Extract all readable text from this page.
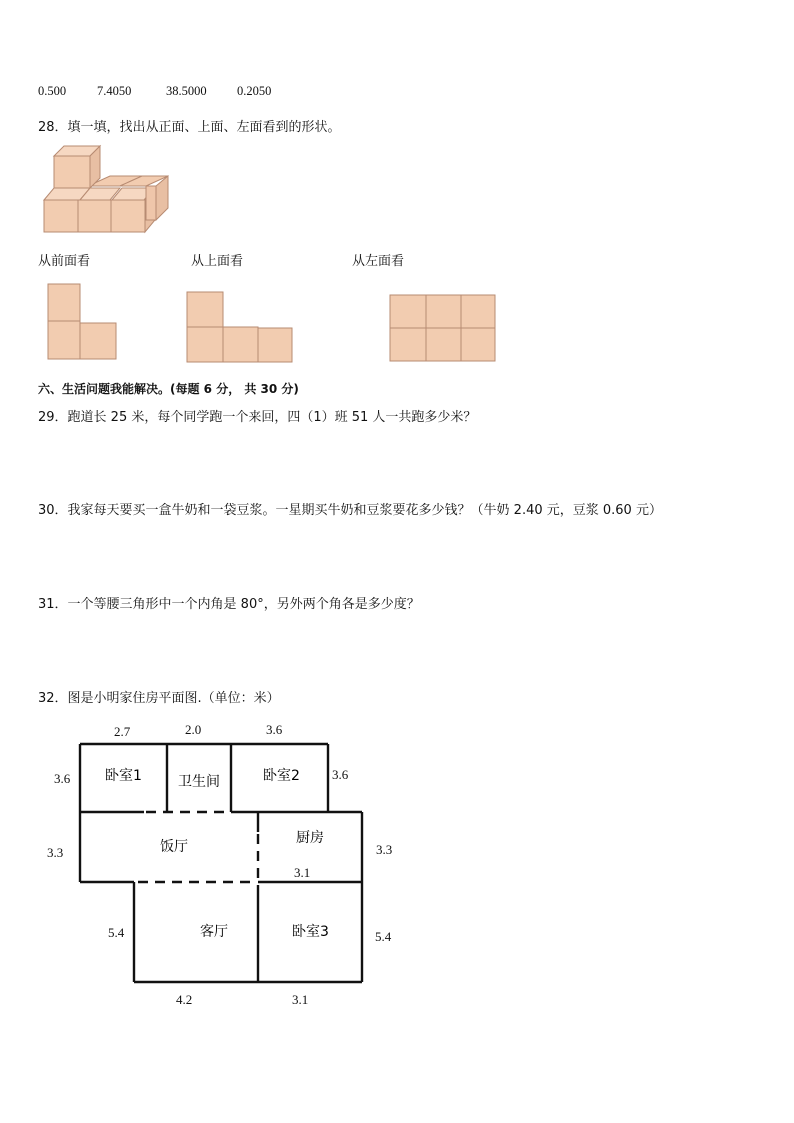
0.500 7.4050	38.5000 0.2050
28．填一填，找出从正面、上面、左面看到的形状。
从前面看	从上面看	从左面看
六、生活问题我能解决。(每题 6 分， 共 30 分)
29．跑道长 25 米，每个同学跑一个来回，四（1）班 51 人一共跑多少米？
30．我家每天要买一盒牛奶和一袋豆浆。一星期买牛奶和豆浆要花多少钱？（牛奶 2.40 元，豆浆 0.60 元）
31．一个等腰三角形中一个内角是 80°，另外两个角各是多少度？
32．图是小明家住房平面图.（单位：米）
卧室1	卫生间	卧室2
饭厅
厨房
客厅	卧室3
2.7	2.0	3.6
3.6	3.6
3.3	3.3
3.1
5.4	5.4
4.2	3.1
